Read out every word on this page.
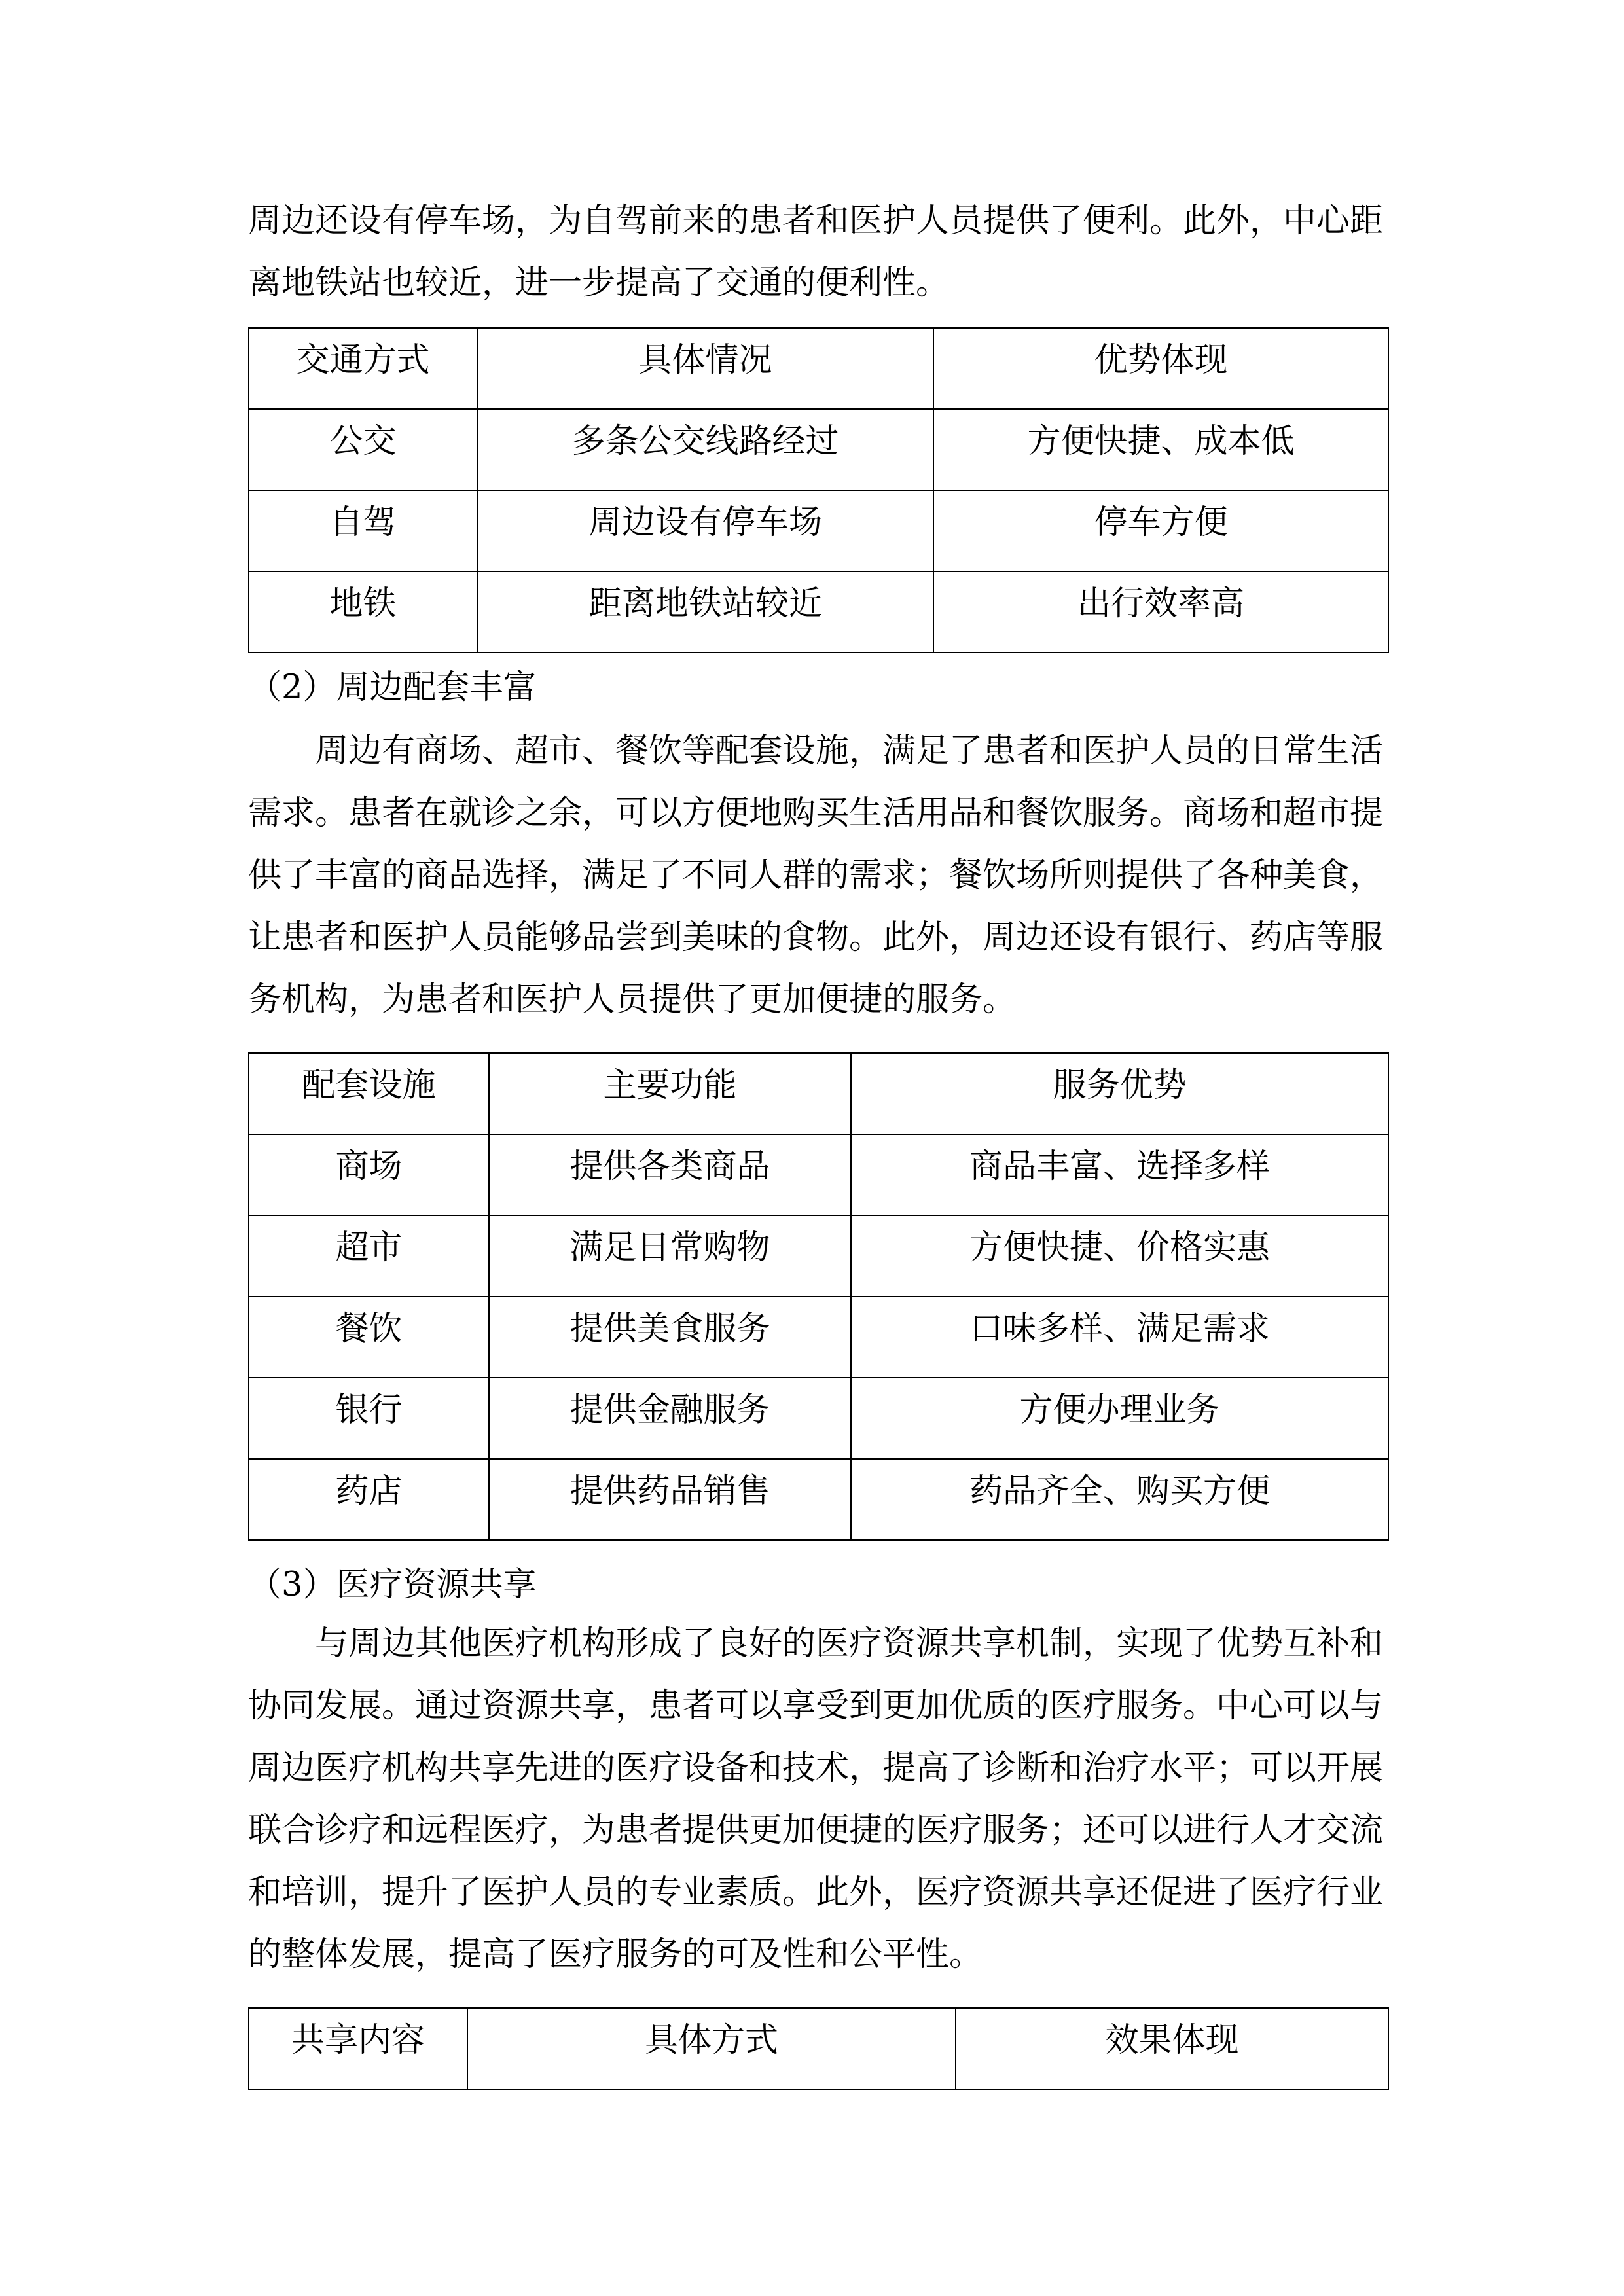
周边还设有停车场，为自驾前来的患者和医护人员提供了便利。此外，中心距

离地铁站也较近，进一步提高了交通的便利性。

交通方式	具体情况	优势体现
公交	多条公交线路经过	方便快捷、成本低
自驾	周边设有停车场	停车方便
地铁	距离地铁站较近	出行效率高
（2）周边配套丰富

　　周边有商场、超市、餐饮等配套设施，满足了患者和医护人员的日常生活

需求。患者在就诊之余，可以方便地购买生活用品和餐饮服务。商场和超市提

供了丰富的商品选择，满足了不同人群的需求；餐饮场所则提供了各种美食，

让患者和医护人员能够品尝到美味的食物。此外，周边还设有银行、药店等服

务机构，为患者和医护人员提供了更加便捷的服务。

配套设施	主要功能	服务优势
商场	提供各类商品	商品丰富、选择多样
超市	满足日常购物	方便快捷、价格实惠
餐饮	提供美食服务	口味多样、满足需求
银行	提供金融服务	方便办理业务
药店	提供药品销售	药品齐全、购买方便
（3）医疗资源共享

　　与周边其他医疗机构形成了良好的医疗资源共享机制，实现了优势互补和

协同发展。通过资源共享，患者可以享受到更加优质的医疗服务。中心可以与

周边医疗机构共享先进的医疗设备和技术，提高了诊断和治疗水平；可以开展

联合诊疗和远程医疗，为患者提供更加便捷的医疗服务；还可以进行人才交流

和培训，提升了医护人员的专业素质。此外，医疗资源共享还促进了医疗行业

的整体发展，提高了医疗服务的可及性和公平性。

共享内容	具体方式	效果体现
